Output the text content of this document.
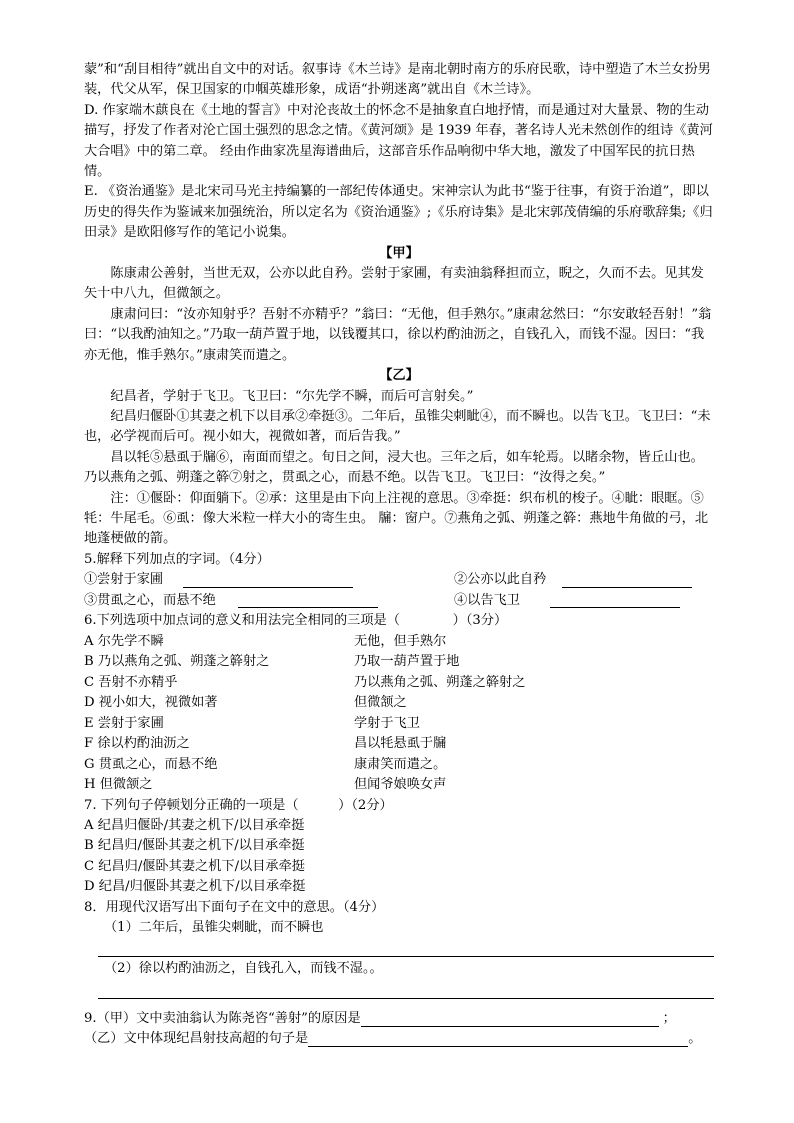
蒙”和“刮目相待”就出自文中的对话。叙事诗《木兰诗》是南北朝时南方的乐府民歌，诗中塑造了木兰女扮男装，代父从军，保卫国家的巾帼英雄形象，成语“扑朔迷离”就出自《木兰诗》。

D. 作家端木蕻良在《土地的誓言》中对沦丧故土的怀念不是抽象直白地抒情，而是通过对大量景、物的生动描写，抒发了作者对沦亡国土强烈的思念之情。《黄河颂》是 1939 年春，著名诗人光未然创作的组诗《黄河大合唱》中的第二章。 经由作曲家冼星海谱曲后，这部音乐作品响彻中华大地，激发了中国军民的抗日热情。

E. 《资治通鉴》是北宋司马光主持编纂的一部纪传体通史。宋神宗认为此书“鉴于往事，有资于治道”，即以历史的得失作为鉴诫来加强统治，所以定名为《资治通鉴》;《乐府诗集》是北宋郭茂倩编的乐府歌辞集;《归田录》是欧阳修写作的笔记小说集。

【甲】

陈康肃公善射，当世无双，公亦以此自矜。尝射于家圃，有卖油翁释担而立，睨之，久而不去。见其发矢十中八九，但微颔之。

康肃问曰：“汝亦知射乎？吾射不亦精乎？”翁曰：“无他，但手熟尔。”康肃忿然曰：“尔安敢轻吾射！”翁曰：“以我酌油知之。”乃取一葫芦置于地，以钱覆其口，徐以杓酌油沥之，自钱孔入，而钱不湿。因曰：“我亦无他，惟手熟尔。”康肃笑而遣之。

【乙】

纪昌者，学射于飞卫。飞卫曰：“尔先学不瞬，而后可言射矣。”

纪昌归偃卧①其妻之机下以目承②牵挺③。二年后，虽锥尖刺眦④，而不瞬也。以告飞卫。飞卫曰：“未也，必学视而后可。视小如大，视微如著，而后告我。”

昌以牦⑤悬虱于牖⑥，南面而望之。旬日之间，浸大也。三年之后，如车轮焉。以睹余物，皆丘山也。乃以燕角之弧、朔蓬之簳⑦射之，贯虱之心，而悬不绝。以告飞卫。飞卫曰：“汝得之矣。”

注：①偃卧：仰面躺下。②承：这里是由下向上注视的意思。③牵挺：织布机的梭子。④眦：眼眶。⑤牦：牛尾毛。⑥虱：像大米粒一样大小的寄生虫。 牖：窗户。⑦燕角之弧、朔蓬之簳：燕地牛角做的弓，北地蓬梗做的箭。

5.解释下列加点的字词。（4分）

①尝射于家圃	②公亦以此自矜
③贯虱之心，而悬不绝	④以告飞卫

6.下列选项中加点词的意义和用法完全相同的三项是（　　　　）（3分）

A 尔先学不瞬	无他，但手熟尔
B 乃以燕角之弧、朔蓬之簳射之	乃取一葫芦置于地
C 吾射不亦精乎	乃以燕角之弧、朔蓬之簳射之
D 视小如大，视微如著	但微颔之
E 尝射于家圃	学射于飞卫
F 徐以杓酌油沥之	昌以牦悬虱于牖
G 贯虱之心，而悬不绝	康肃笑而遣之。
H 但微颔之	但闻爷娘唤女声

7. 下列句子停顿划分正确的一项是（　　　）（2分）

A 纪昌归偃卧/其妻之机下/以目承牵挺

B 纪昌归/偃卧其妻之机下/以目承牵挺

C 纪昌归/偃卧其妻之机下/以目承牵挺

D 纪昌/归偃卧其妻之机下/以目承牵挺

8．用现代汉语写出下面句子在文中的意思。（4分）

（1）二年后，虽锥尖刺眦，而不瞬也

（2）徐以杓酌油沥之，自钱孔入，而钱不湿。。

9.（甲）文中卖油翁认为陈尧咨“善射”的原因是	；
（乙）文中体现纪昌射技高超的句子是	。
